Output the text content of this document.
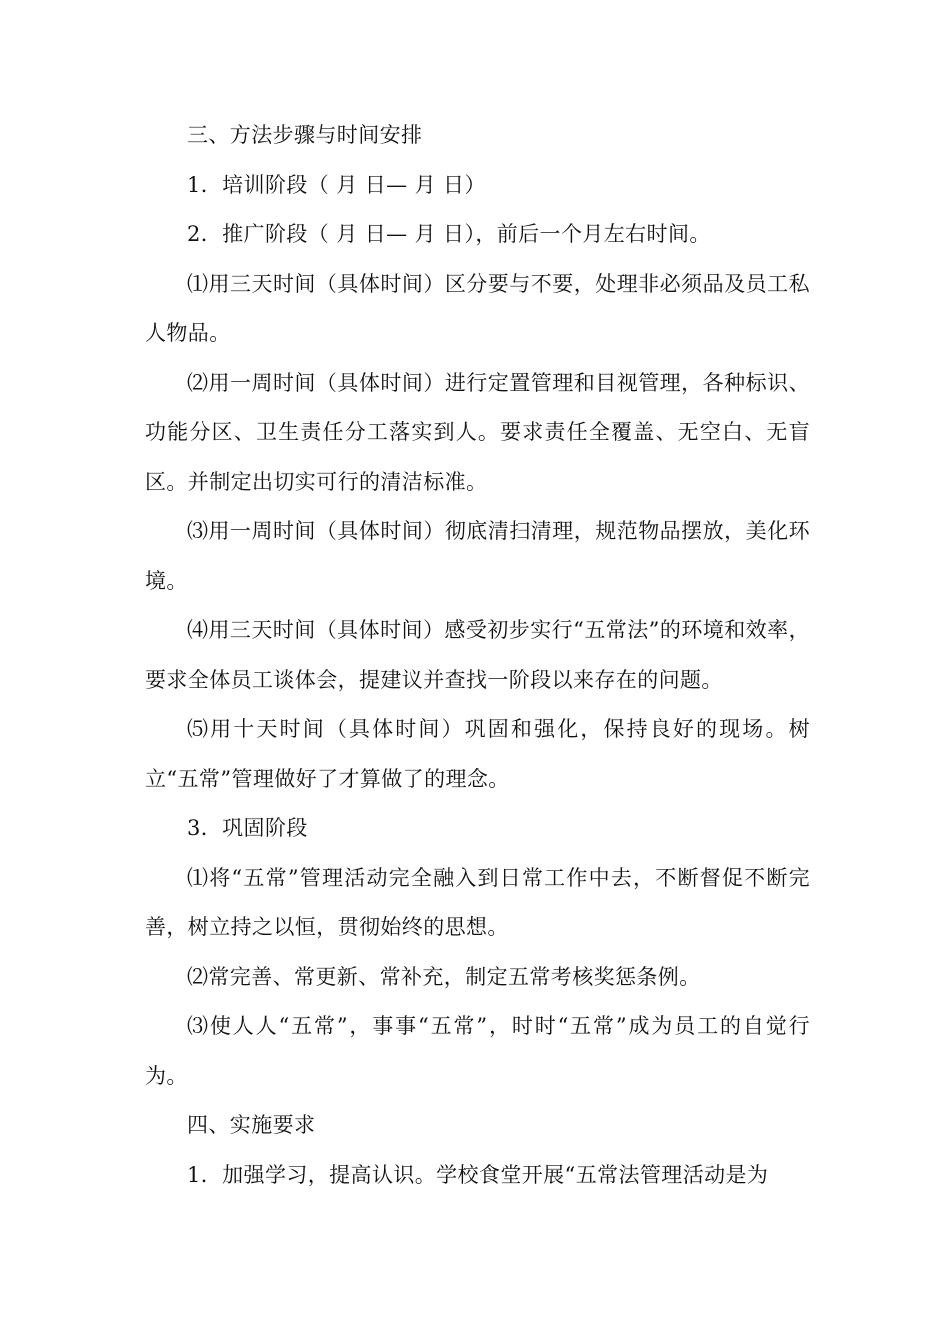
三、方法步骤与时间安排

1．培训阶段（ 月 日— 月 日）

2．推广阶段（ 月 日— 月 日），前后一个月左右时间。

⑴用三天时间（具体时间）区分要与不要，处理非必须品及员工私人物品。

⑵用一周时间（具体时间）进行定置管理和目视管理，各种标识、功能分区、卫生责任分工落实到人。要求责任全覆盖、无空白、无盲区。并制定出切实可行的清洁标准。

⑶用一周时间（具体时间）彻底清扫清理，规范物品摆放，美化环境。

⑷用三天时间（具体时间）感受初步实行“五常法”的环境和效率，要求全体员工谈体会，提建议并查找一阶段以来存在的问题。

⑸用十天时间（具体时间）巩固和强化，保持良好的现场。树立“五常”管理做好了才算做了的理念。

3．巩固阶段

⑴将“五常”管理活动完全融入到日常工作中去，不断督促不断完善，树立持之以恒，贯彻始终的思想。

⑵常完善、常更新、常补充，制定五常考核奖惩条例。

⑶使人人“五常”，事事“五常”，时时“五常”成为员工的自觉行为。

四、实施要求

1．加强学习，提高认识。学校食堂开展“五常法管理活动是为
